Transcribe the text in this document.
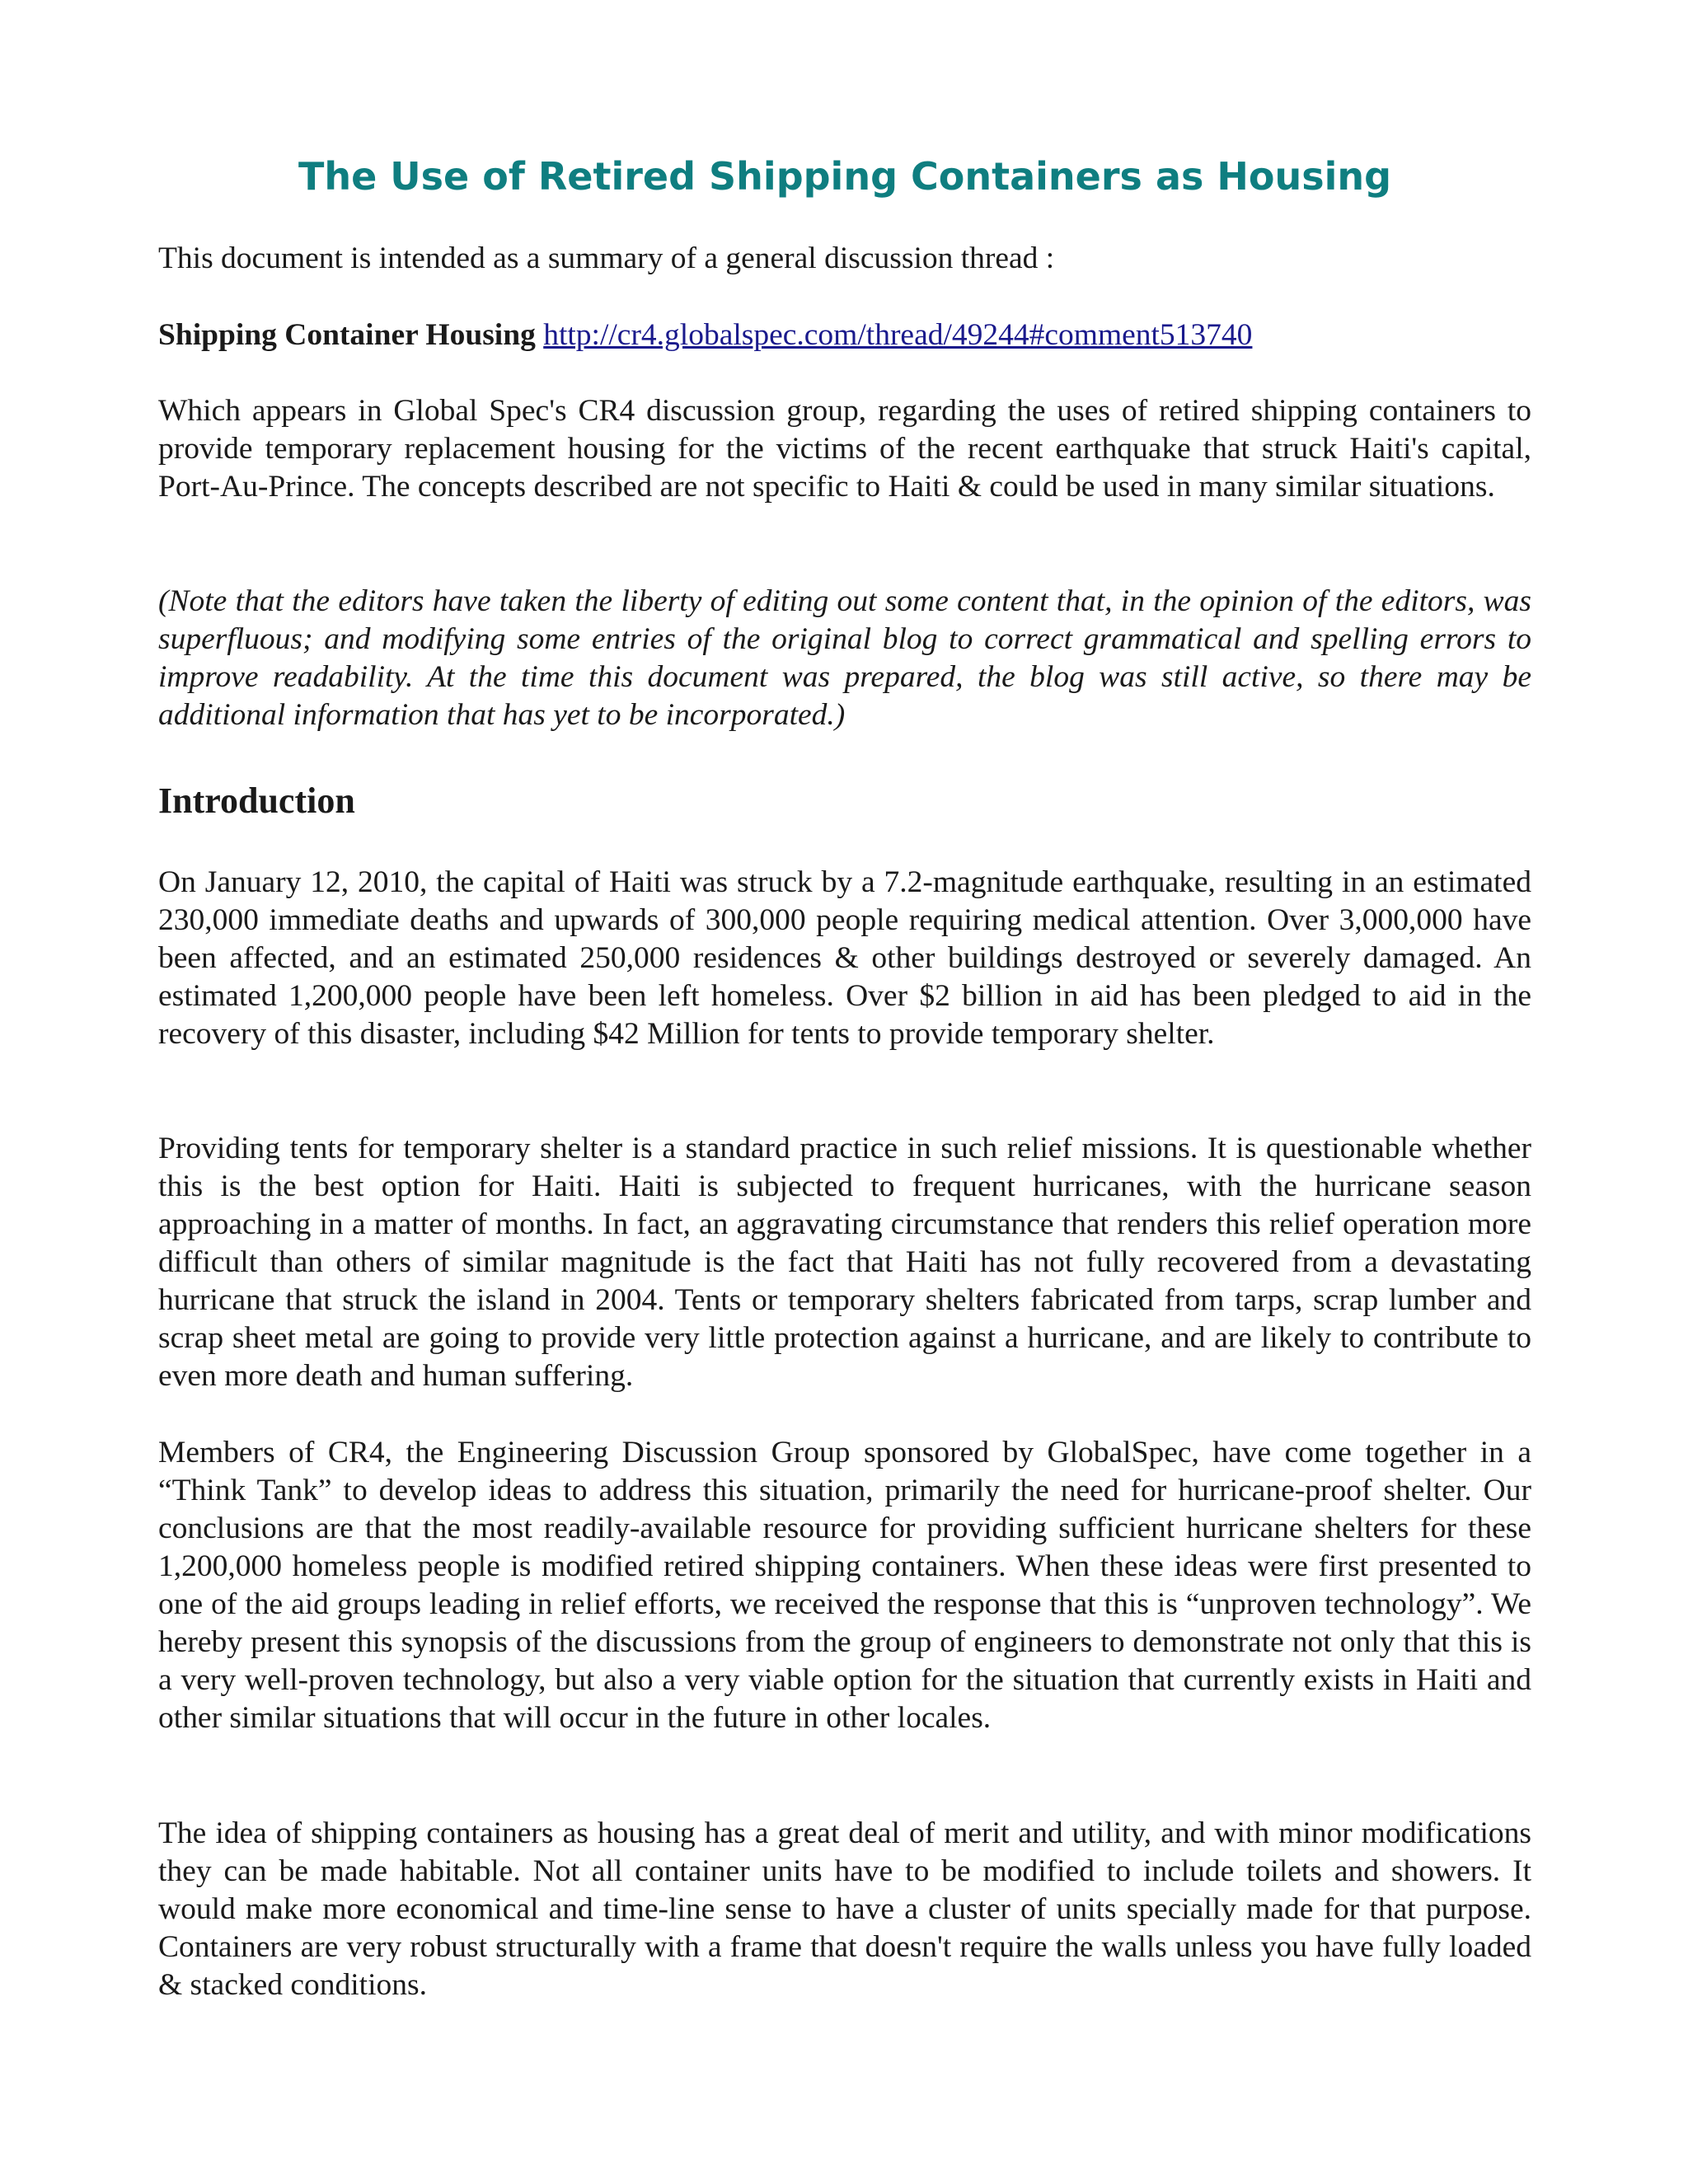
The Use of Retired Shipping Containers as Housing

This document is intended as a summary of a general discussion thread :

Shipping Container Housing http://cr4.globalspec.com/thread/49244#comment513740

Which appears in Global Spec's CR4 discussion group, regarding the uses of retired shipping containers to provide temporary replacement housing for the victims of the recent earthquake that struck Haiti's capital, Port-Au-Prince. The concepts described are not specific to Haiti & could be used in many similar situations.

(Note that the editors have taken the liberty of editing out some content that, in the opinion of the editors, was superfluous; and modifying some entries of the original blog to correct grammatical and spelling errors to improve readability. At the time this document was prepared, the blog was still active, so there may be additional information that has yet to be incorporated.)

Introduction

On January 12, 2010, the capital of Haiti was struck by a 7.2-magnitude earthquake, resulting in an estimated 230,000 immediate deaths and upwards of 300,000 people requiring medical attention. Over 3,000,000 have been affected, and an estimated 250,000 residences & other buildings destroyed or severely damaged. An estimated 1,200,000 people have been left homeless. Over $2 billion in aid has been pledged to aid in the recovery of this disaster, including $42 Million for tents to provide temporary shelter.

Providing tents for temporary shelter is a standard practice in such relief missions. It is questionable whether this is the best option for Haiti. Haiti is subjected to frequent hurricanes, with the hurricane season approaching in a matter of months. In fact, an aggravating circumstance that renders this relief operation more difficult than others of similar magnitude is the fact that Haiti has not fully recovered from a devastating hurricane that struck the island in 2004. Tents or temporary shelters fabricated from tarps, scrap lumber and scrap sheet metal are going to provide very little protection against a hurricane, and are likely to contribute to even more death and human suffering.

Members of CR4, the Engineering Discussion Group sponsored by GlobalSpec, have come together in a “Think Tank” to develop ideas to address this situation, primarily the need for hurricane-proof shelter. Our conclusions are that the most readily-available resource for providing sufficient hurricane shelters for these 1,200,000 homeless people is modified retired shipping containers. When these ideas were first presented to one of the aid groups leading in relief efforts, we received the response that this is “unproven technology”. We hereby present this synopsis of the discussions from the group of engineers to demonstrate not only that this is a very well-proven technology, but also a very viable option for the situation that currently exists in Haiti and other similar situations that will occur in the future in other locales.

The idea of shipping containers as housing has a great deal of merit and utility, and with minor modifications they can be made habitable. Not all container units have to be modified to include toilets and showers. It would make more economical and time-line sense to have a cluster of units specially made for that purpose. Containers are very robust structurally with a frame that doesn't require the walls unless you have fully loaded & stacked conditions.
